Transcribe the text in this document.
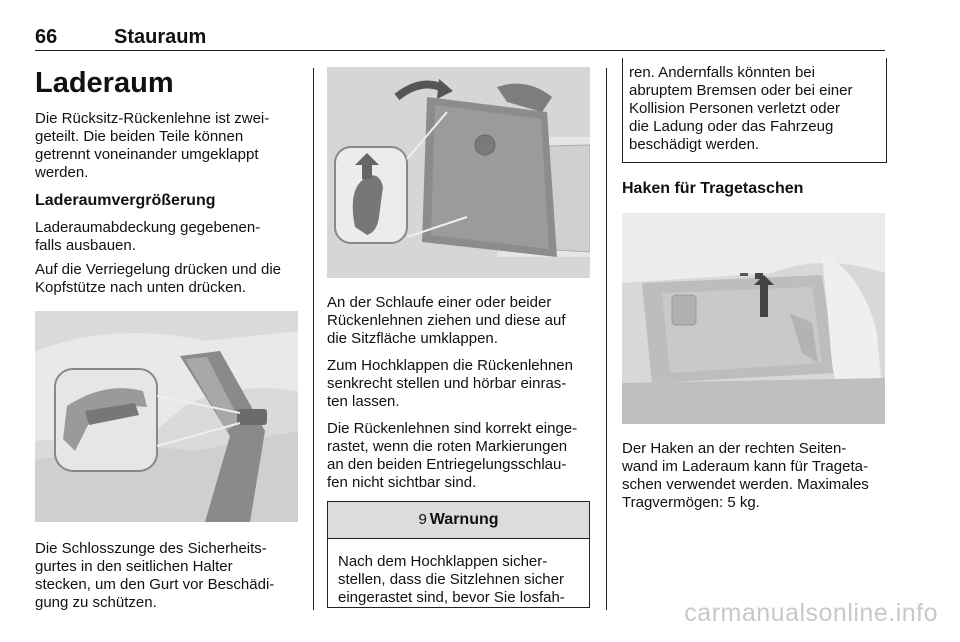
66	Stauraum
Laderaum

Die Rücksitz-Rückenlehne ist zwei-
geteilt. Die beiden Teile können
getrennt voneinander umgeklappt
werden.

Laderaumvergrößerung

Laderaumabdeckung gegebenen-
falls ausbauen.

Auf die Verriegelung drücken und die
Kopfstütze nach unten drücken.

Die Schlosszunge des Sicherheits-
gurtes in den seitlichen Halter
stecken, um den Gurt vor Beschädi-
gung zu schützen.

An der Schlaufe einer oder beider
Rückenlehnen ziehen und diese auf
die Sitzfläche umklappen.

Zum Hochklappen die Rückenlehnen
senkrecht stellen und hörbar einras-
ten lassen.

Die Rückenlehnen sind korrekt einge-
rastet, wenn die roten Markierungen
an den beiden Entriegelungsschlau-
fen nicht sichtbar sind.

9 Warnung
Nach dem Hochklappen sicher-
stellen, dass die Sitzlehnen sicher
eingerastet sind, bevor Sie losfah-
ren. Andernfalls könnten bei
abruptem Bremsen oder bei einer
Kollision Personen verletzt oder
die Ladung oder das Fahrzeug
beschädigt werden.
Haken für Tragetaschen

Der Haken an der rechten Seiten-
wand im Laderaum kann für Trageta-
schen verwendet werden. Maximales
Tragvermögen: 5 kg.

carmanualsonline.info
